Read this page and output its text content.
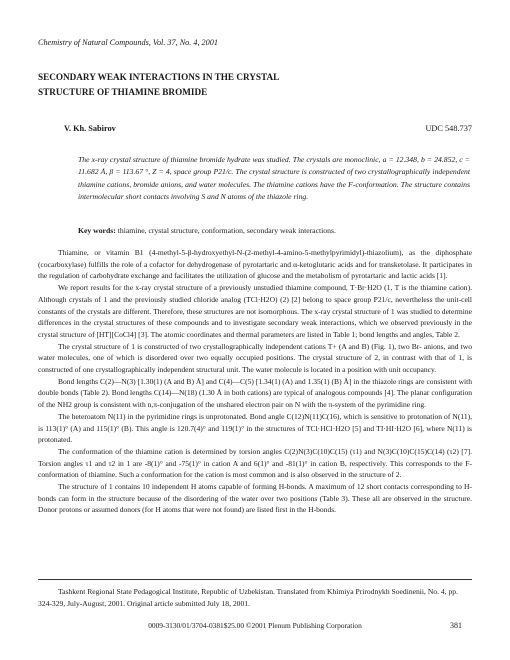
Chemistry of Natural Compounds, Vol. 37, No. 4, 2001
SECONDARY WEAK INTERACTIONS IN THE CRYSTAL
STRUCTURE OF THIAMINE BROMIDE
V. Kh. Sabirov	UDC 548.737
The x-ray crystal structure of thiamine bromide hydrate was studied. The crystals are monoclinic, a = 12.348, b = 24.852, c = 11.682 Å, β = 113.67 °, Z = 4, space group P21/c. The crystal structure is constructed of two crystallographically independent thiamine cations, bromide anions, and water molecules. The thiamine cations have the F-conformation. The structure contains intermolecular short contacts involving S and N atoms of the thiazole ring.
Key words: thiamine, crystal structure, conformation, secondary weak interactions.

Thiamine, or vitamin B1 (4-methyl-5-β-hydroxyethyl-N-(2-methyl-4-amino-5-methylpyrimidyl)-thiazolium), as the diphosphate (cocarboxylase) fulfills the role of a cofactor for dehydrogenase of pyrotartaric and α-ketoglutaric acids and for transketolase. It participates in the regulation of carbohydrate exchange and facilitates the utilization of glucose and the metabolism of pyrotartaric and lactic acids [1].

We report results for the x-ray crystal structure of a previously unstudied thiamine compound, T·Br·H2O (1, T is the thiamine cation). Although crystals of 1 and the previously studied chloride analog (TCl·H2O) (2) [2] belong to space group P21/c, nevertheless the unit-cell constants of the crystals are different. Therefore, these structures are not isomorphous. The x-ray crystal structure of 1 was studied to determine differences in the crystal structures of these compounds and to investigate secondary weak interactions, which we observed previously in the crystal structure of [HT][CoCl4] [3]. The atomic coordinates and thermal parameters are listed in Table 1; bond lengths and angles, Table 2.

The crystal structure of 1 is constructed of two crystallographically independent cations T+ (A and B) (Fig. 1), two Br- anions, and two water molecules, one of which is disordered over two equally occupied positions. The crystal structure of 2, in contrast with that of 1, is constructed of one crystallographically independent structural unit. The water molecule is located in a position with unit occupancy.

Bond lengths C(2)—N(3) [1.30(1) (A and B) Å] and C(4)—C(5) [1.34(1) (A) and 1.35(1) (B) Å] in the thiazole rings are consistent with double bonds (Table 2). Bond lengths C(14)—N(18) (1.30 Å in both cations) are typical of analogous compounds [4]. The planar configuration of the NH2 group is consistent with n,π-conjugation of the unshared electron pair on N with the π-system of the pyrimidine ring.

The heteroatom N(11) in the pyrimidine rings is unprotonated. Bond angle C(12)N(11)C(16), which is sensitive to protonation of N(11), is 113(1)° (A) and 115(1)° (B). This angle is 120.7(4)° and 119(1)° in the structures of TCl·HCl·H2O [5] and TI·HI·H2O [6], where N(11) is protonated.

The conformation of the thiamine cation is determined by torsion angles C(2)N(3)C(10)C(15) (τ1) and N(3)C(10)C(15)C(14) (τ2) [7]. Torsion angles τ1 and τ2 in 1 are -8(1)° and -75(1)° in cation A and 6(1)° and -81(1)° in cation B, respectively. This corresponds to the F-conformation of thiamine. Such a conformation for the cation is most common and is also observed in the structure of 2.

The structure of 1 contains 10 independent H atoms capable of forming H-bonds. A maximum of 12 short contacts corresponding to H-bonds can form in the structure because of the disordering of the water over two positions (Table 3). These all are observed in the structure. Donor protons or assumed donors (for H atoms that were not found) are listed first in the H-bonds.

Tashkent Regional State Pedagogical Institute, Republic of Uzbekistan. Translated from Khimiya Prirodnykh Soedinenii, No. 4, pp. 324-329, July-August, 2001. Original article submitted July 18, 2001.
0009-3130/01/3704-0381$25.00 ©2001 Plenum Publishing Corporation	381
